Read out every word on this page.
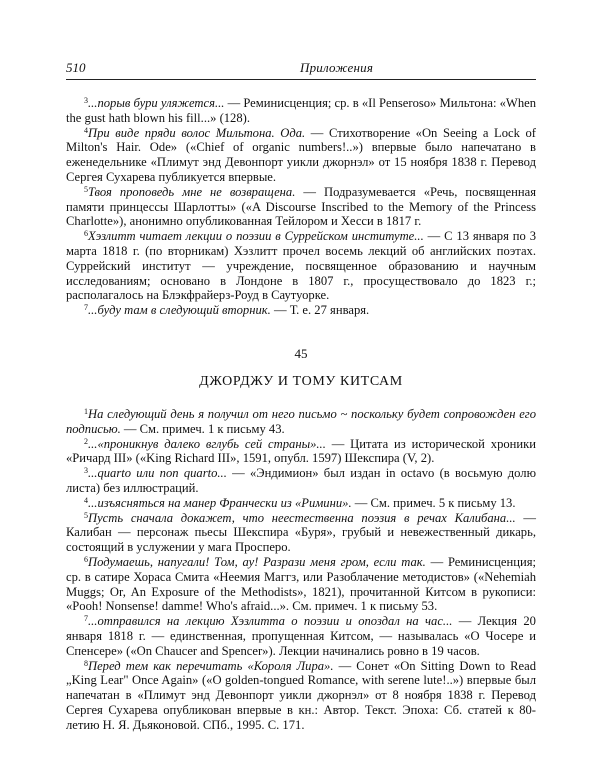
510	Приложения

$^3$...порыв бури уляжется... — Реминисценция; ср. в «Il Penseroso» Мильтона: «When the gust hath blown his fill...» (128).

$^4$При виде пряди волос Мильтона. Ода. — Стихотворение «On Seeing a Lock of Milton's Hair. Ode» («Chief of organic numbers!..») впервые было напечатано в еженедельнике «Плимут энд Девонпорт уикли джорнэл» от 15 ноября 1838 г. Перевод Сергея Сухарева публикуется впервые.

$^5$Твоя проповедь мне не возвращена. — Подразумевается «Речь, посвященная памяти принцессы Шарлотты» («A Discourse Inscribed to the Memory of the Princess Charlotte»), анонимно опубликованная Тейлором и Хесси в 1817 г.

$^6$Хэзлитт читает лекции о поэзии в Суррейском институте... — С 13 января по 3 марта 1818 г. (по вторникам) Хэзлитт прочел восемь лекций об английских поэтах. Суррейский институт — учреждение, посвященное образованию и научным исследованиям; основано в Лондоне в 1807 г., просуществовало до 1823 г.; располагалось на Блэкфрайерз-Роуд в Саутуорке.

$^7$...буду там в следующий вторник. — Т. е. 27 января.

45
ДЖОРДЖУ И ТОМУ КИТСАМ

$^1$На следующий день я получил от него письмо ~ поскольку будет сопровожден его подписью. — См. примеч. 1 к письму 43.

$^2$...«проникнув далеко вглубь сей страны»... — Цитата из исторической хроники «Ричард III» («King Richard III», 1591, опубл. 1597) Шекспира (V, 2).

$^3$...quarto или поп quarto... — «Эндимион» был издан in octavo (в восьмую долю листа) без иллюстраций.

$^4$...изъясняться на манер Франчески из «Римини». — См. примеч. 5 к письму 13.

$^5$Пусть сначала докажет, что неестественна поэзия в речах Калибана... — Калибан — персонаж пьесы Шекспира «Буря», грубый и невежественный дикарь, состоящий в услужении у мага Просперо.

$^6$Подумаешь, напугали! Том, ау! Разрази меня гром, если так. — Реминисценция; ср. в сатире Хораса Смита «Неемия Маггз, или Разоблачение методистов» («Nehemiah Muggs; Or, An Exposure of the Methodists», 1821), прочитанной Китсом в рукописи: «Pooh! Nonsense! damme! Who's afraid...». См. примеч. 1 к письму 53.

$^7$...отправился на лекцию Хэзлитта о поэзии и опоздал на час... — Лекция 20 января 1818 г. — единственная, пропущенная Китсом, — называлась «О Чосере и Спенсере» («On Chaucer and Spencer»). Лекции начинались ровно в 19 часов.

$^8$Перед тем как перечитать «Короля Лира». — Сонет «On Sitting Down to Read „King Lear" Once Again» («O golden-tongued Romance, with serene lute!..») впервые был напечатан в «Плимут энд Девонпорт уикли джорнэл» от 8 ноября 1838 г. Перевод Сергея Сухарева опубликован впервые в кн.: Автор. Текст. Эпоха: Сб. статей к 80-летию Н. Я. Дьяконовой. СПб., 1995. С. 171.
